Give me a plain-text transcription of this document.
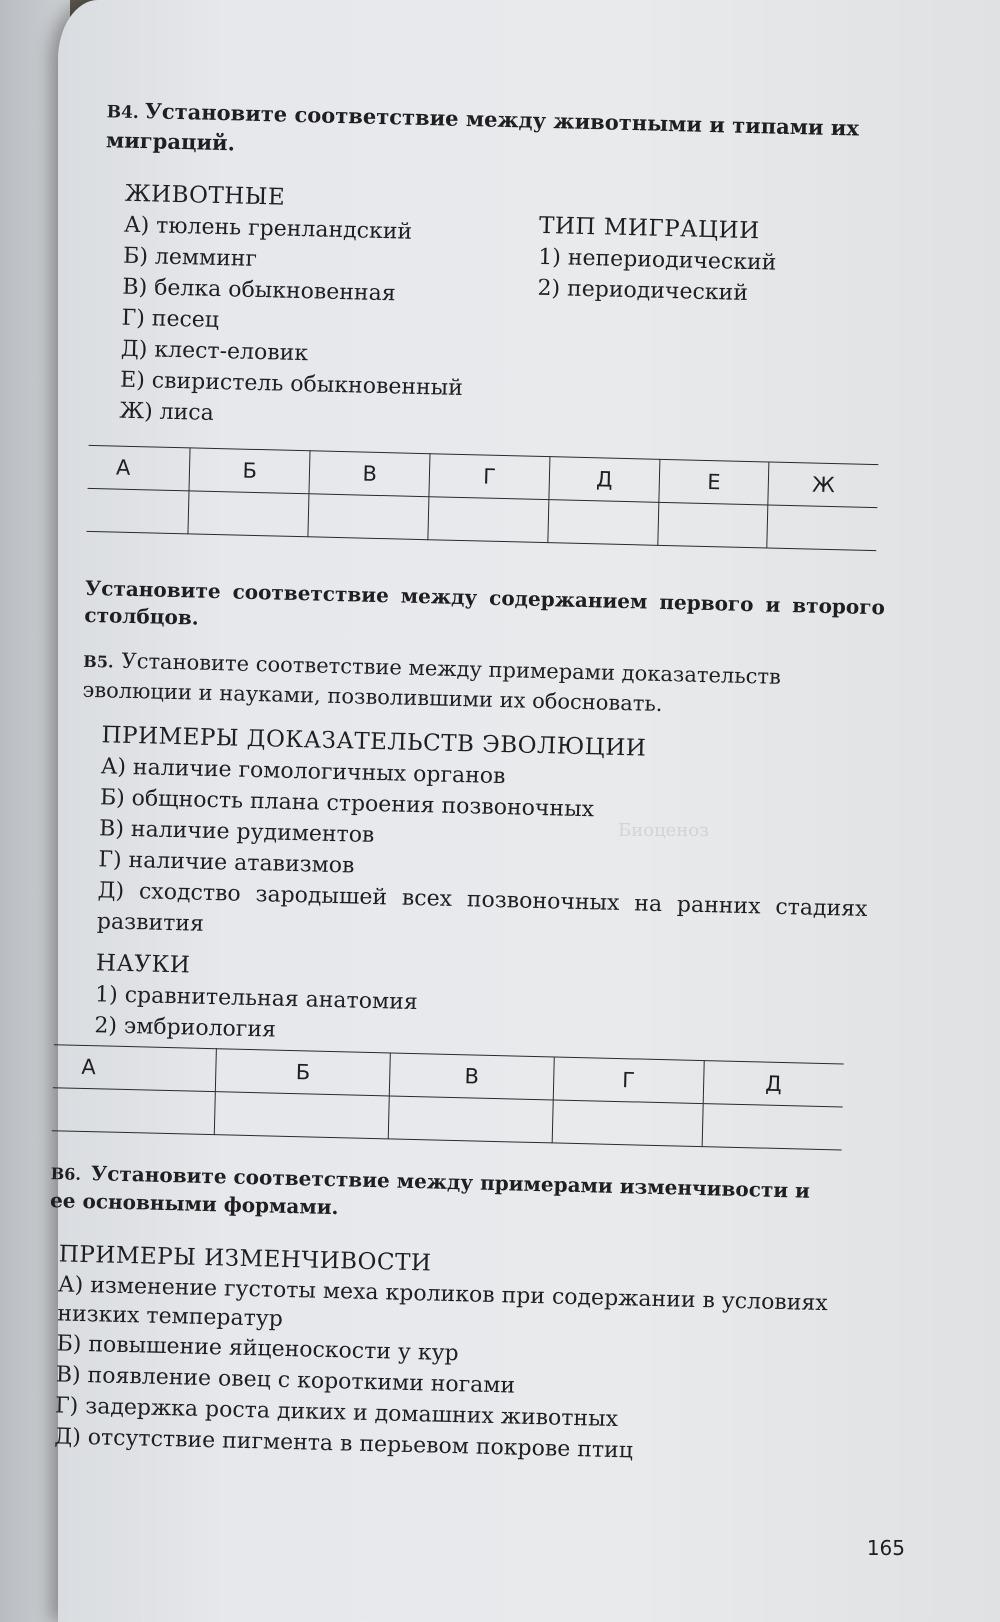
Биоценоз

В4. Установите соответствие между животными и типами их миграций.

ЖИВОТНЫЕ

А) тюлень гренландский

Б) лемминг

В) белка обыкновенная

Г) песец

Д) клест-еловик

Е) свиристель обыкновенный

Ж) лиса

ТИП МИГРАЦИИ

1) непериодический

2) периодический

А	Б	В	Г	Д	Е	Ж

Установите соответствие между содержанием первого и второго столбцов.

В5. Установите соответствие между примерами доказательств эволюции и науками, позволившими их обосновать.

ПРИМЕРЫ ДОКАЗАТЕЛЬСТВ ЭВОЛЮЦИИ

А) наличие гомологичных органов

Б) общность плана строения позвоночных

В) наличие рудиментов

Г) наличие атавизмов

Д) сходство зародышей всех позвоночных на ранних стадиях развития

НАУКИ

1) сравнительная анатомия

2) эмбриология

А	Б	В	Г	Д

В6. Установите соответствие между примерами изменчивости и ее основными формами.

ПРИМЕРЫ ИЗМЕНЧИВОСТИ

А) изменение густоты меха кроликов при содержании в условиях низких температур

Б) повышение яйценоскости у кур

В) появление овец с короткими ногами

Г) задержка роста диких и домашних животных

Д) отсутствие пигмента в перьевом покрове птиц

165
